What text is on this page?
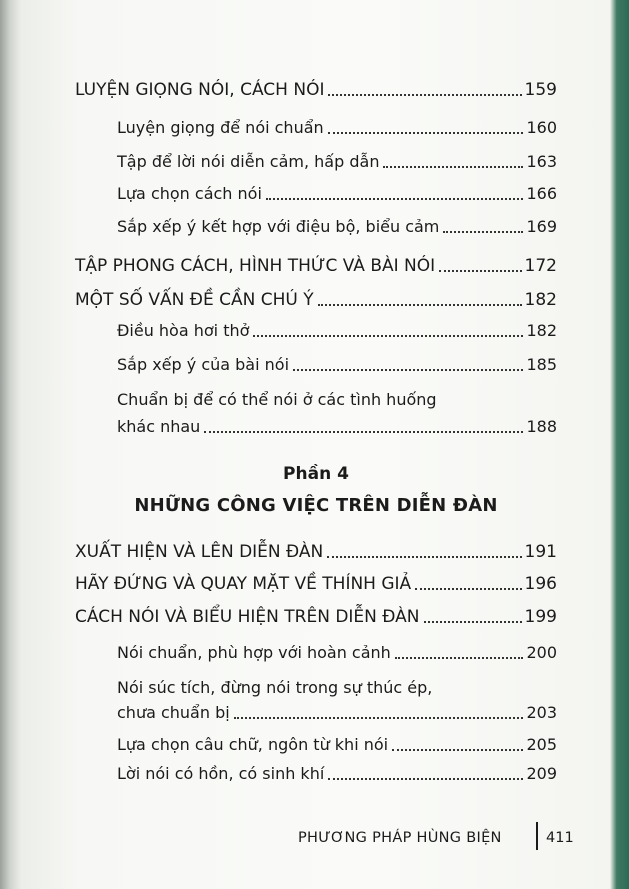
LUYỆN GIỌNG NÓI, CÁCH NÓI	159
Luyện giọng để nói chuẩn	160
Tập để lời nói diễn cảm, hấp dẫn	163
Lựa chọn cách nói	166
Sắp xếp ý kết hợp với điệu bộ, biểu cảm	169
TẬP PHONG CÁCH, HÌNH THỨC VÀ BÀI NÓI	172
MỘT SỐ VẤN ĐỀ CẦN CHÚ Ý	182
Điều hòa hơi thở	182
Sắp xếp ý của bài nói	185
Chuẩn bị để có thể nói ở các tình huống
khác nhau	188
Phần 4
NHỮNG CÔNG VIỆC TRÊN DIỄN ĐÀN
XUẤT HIỆN VÀ LÊN DIỄN ĐÀN	191
HÃY ĐỨNG VÀ QUAY MẶT VỀ THÍNH GIẢ	196
CÁCH NÓI VÀ BIỂU HIỆN TRÊN DIỄN ĐÀN	199
Nói chuẩn, phù hợp với hoàn cảnh	200
Nói súc tích, đừng nói trong sự thúc ép,
chưa chuẩn bị	203
Lựa chọn câu chữ, ngôn từ khi nói	205
Lời nói có hồn, có sinh khí	209
PHƯƠNG PHÁP HÙNG BIỆN	411
